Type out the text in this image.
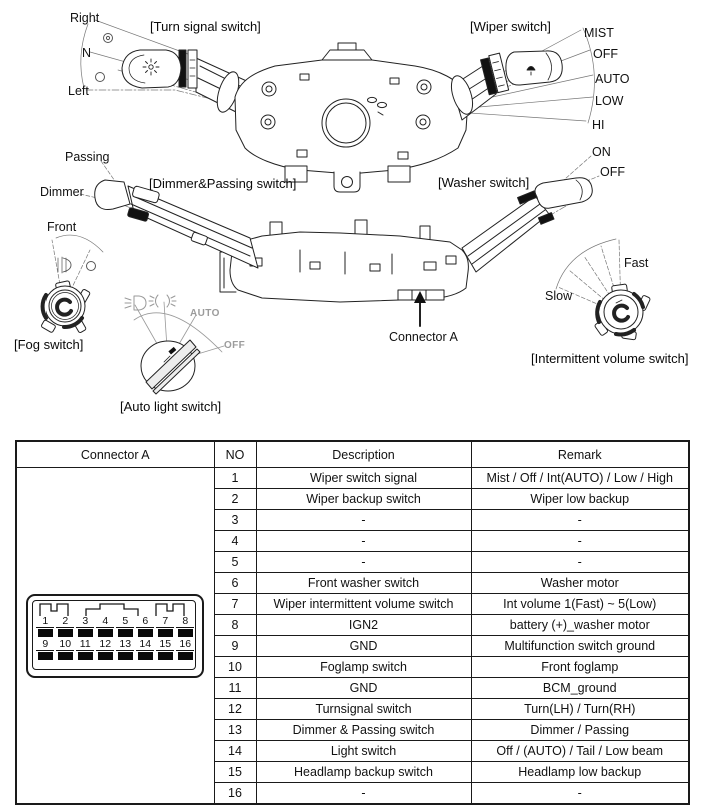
Right
N
Left
[Turn signal switch]	[Wiper switch]	MIST
OFF
AUTO
LOW
HI
Passing
Dimmer
[Dimmer&Passing switch]	[Washer switch]
ON
OFF
Front
[Fog switch]
AUTO
OFF
[Auto light switch]
Connector A
Slow
Fast
[Intermittent volume switch]
Connector A	NO	Description	Remark

1	2	3	4	5	6	7	8
9	10 11 12 13 14 15 16
	1	Wiper switch signal	Mist / Off / Int(AUTO) / Low / High
	2	Wiper backup switch	Wiper low backup
	3	-	-
	4	-	-
	5	-	-
	6	Front washer switch	Washer motor
	7	Wiper intermittent volume switch	Int volume 1(Fast) ~ 5(Low)
	8	IGN2	battery (+)_washer motor
	9	GND	Multifunction switch ground
	10	Foglamp switch	Front foglamp
	11	GND	BCM_ground
	12	Turnsignal switch	Turn(LH) / Turn(RH)
	13	Dimmer & Passing switch	Dimmer / Passing
	14	Light switch	Off / (AUTO) / Tail / Low beam
	15	Headlamp backup switch	Headlamp low backup
	16	-	-
